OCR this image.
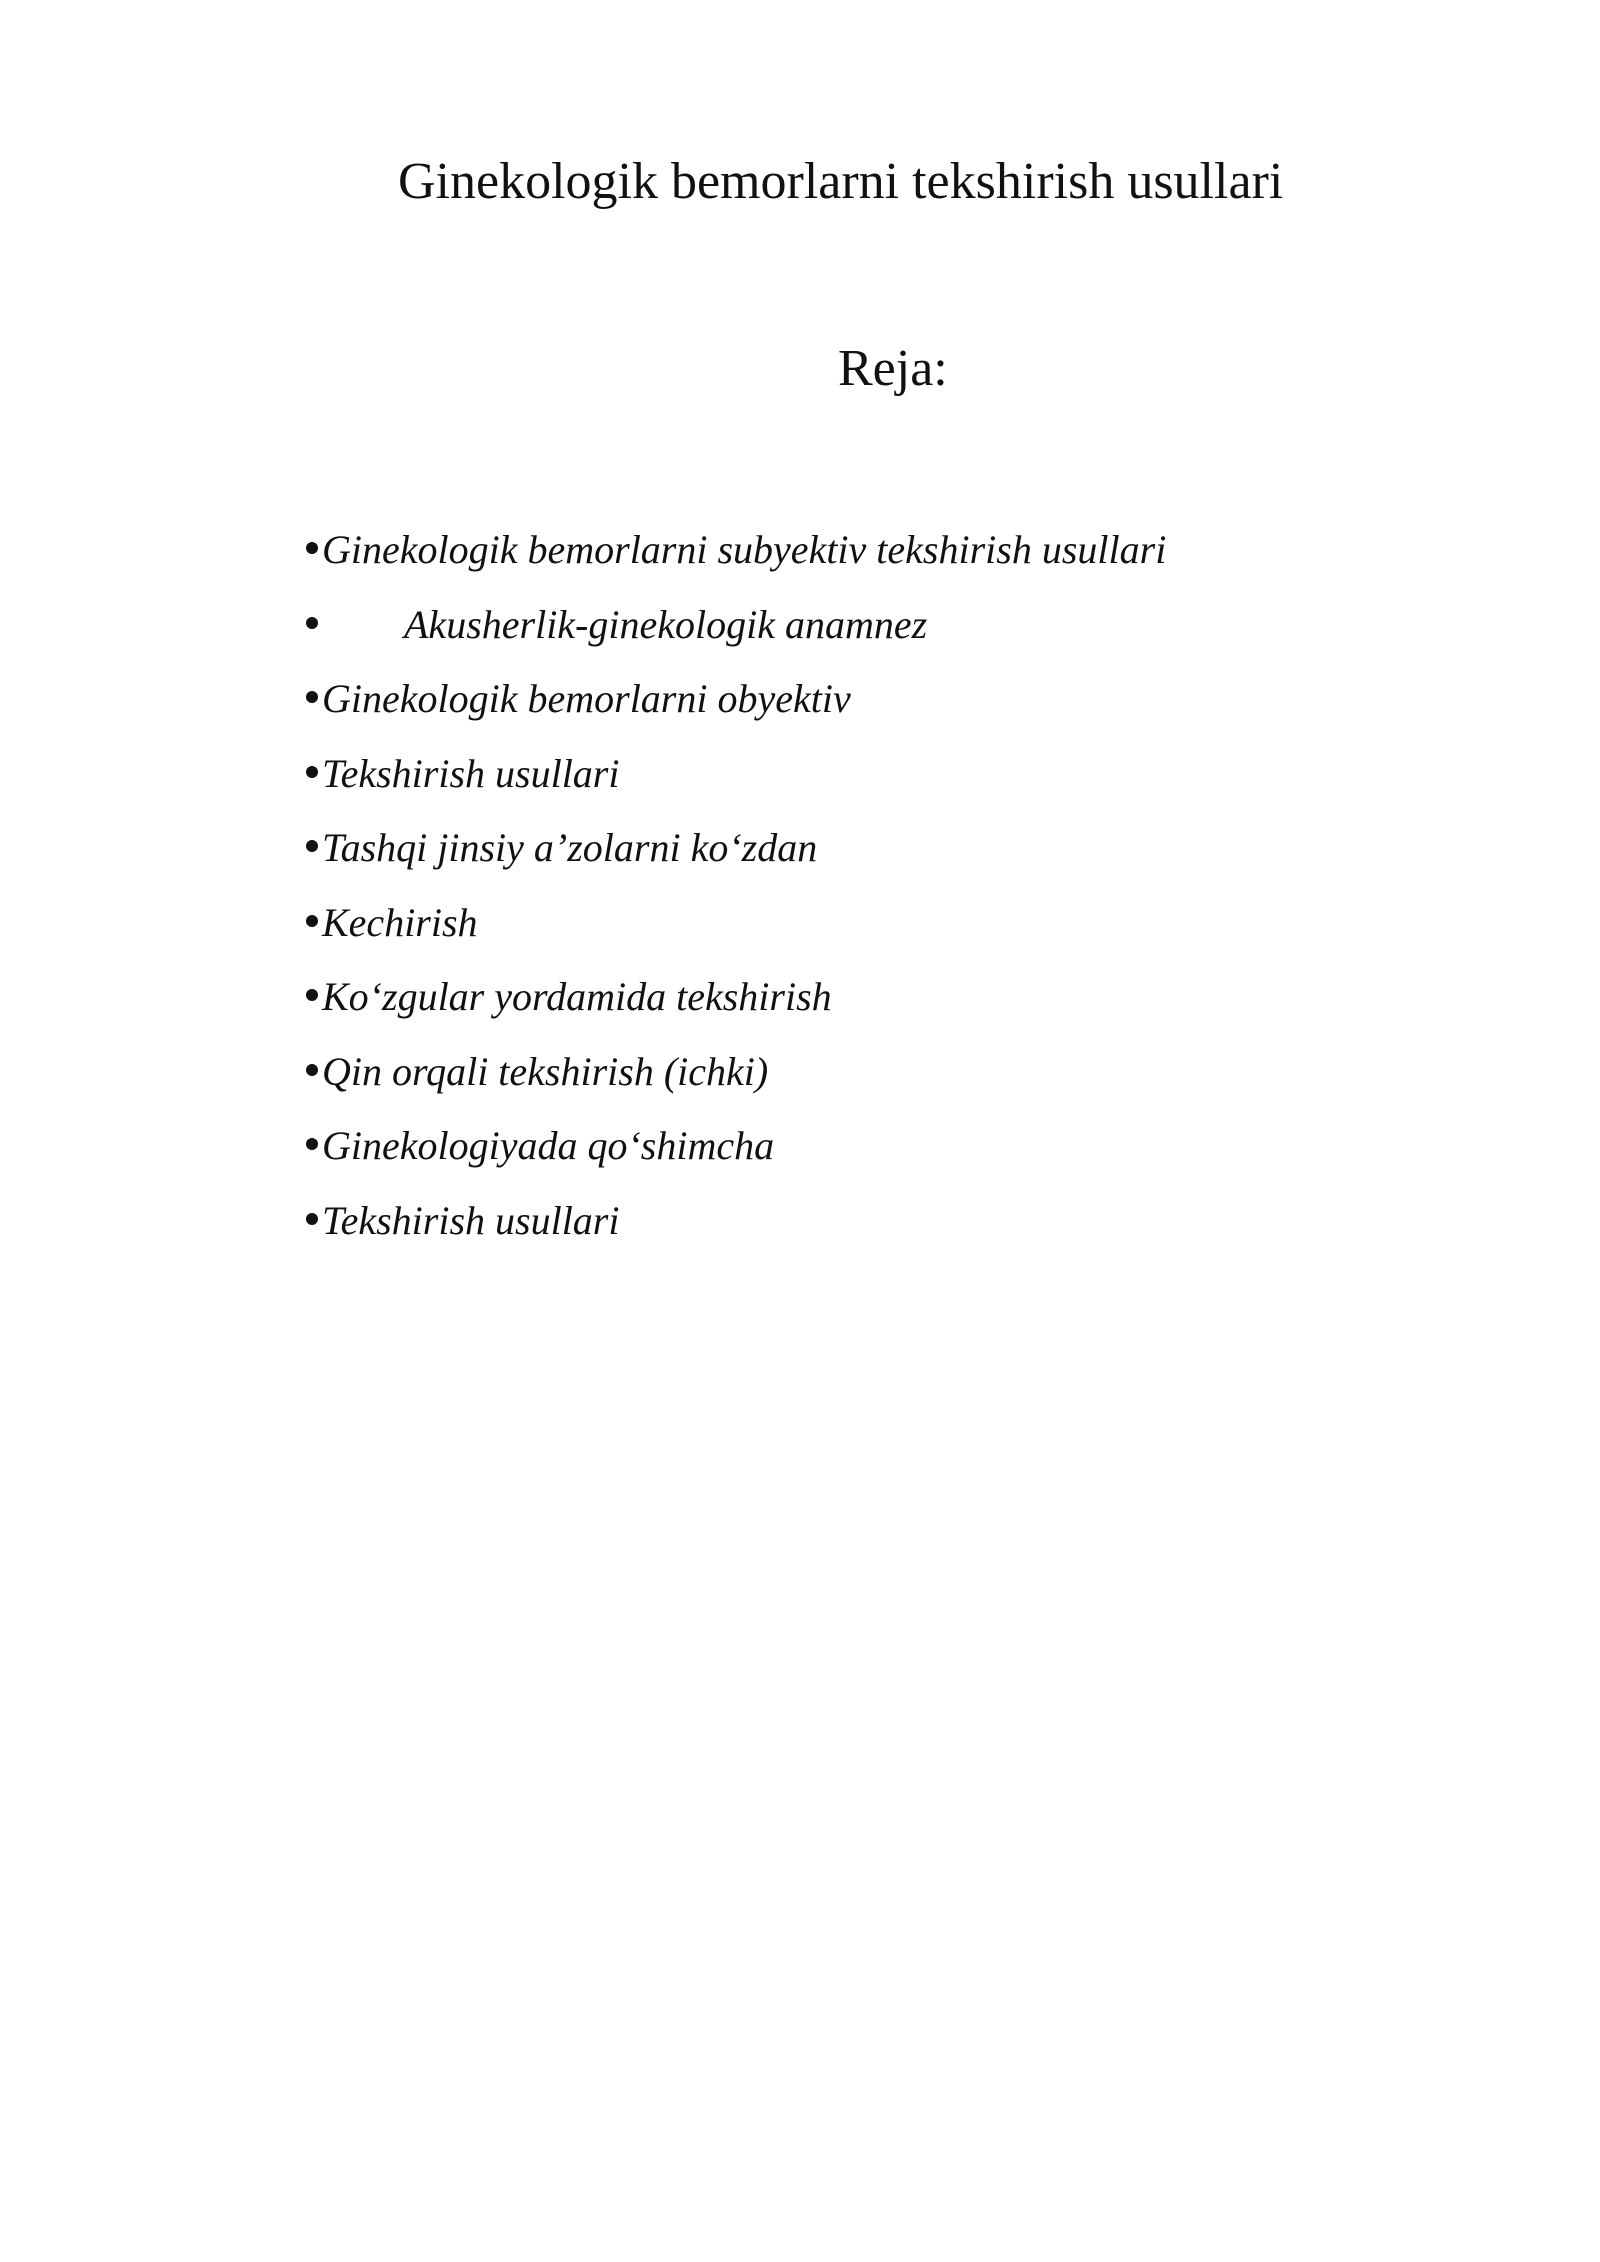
Ginekologik bemorlarni tekshirish usullari
Reja:
Ginekologik bemorlarni subyektiv tekshirish usullari
Akusherlik-ginekologik anamnez
Ginekologik bemorlarni obyektiv
Tekshirish usullari
Tashqi jinsiy a’zolarni ko‘zdan
Kechirish
Ko‘zgular yordamida tekshirish
Qin orqali tekshirish (ichki)
Ginekologiyada qo‘shimcha
Tekshirish usullari
